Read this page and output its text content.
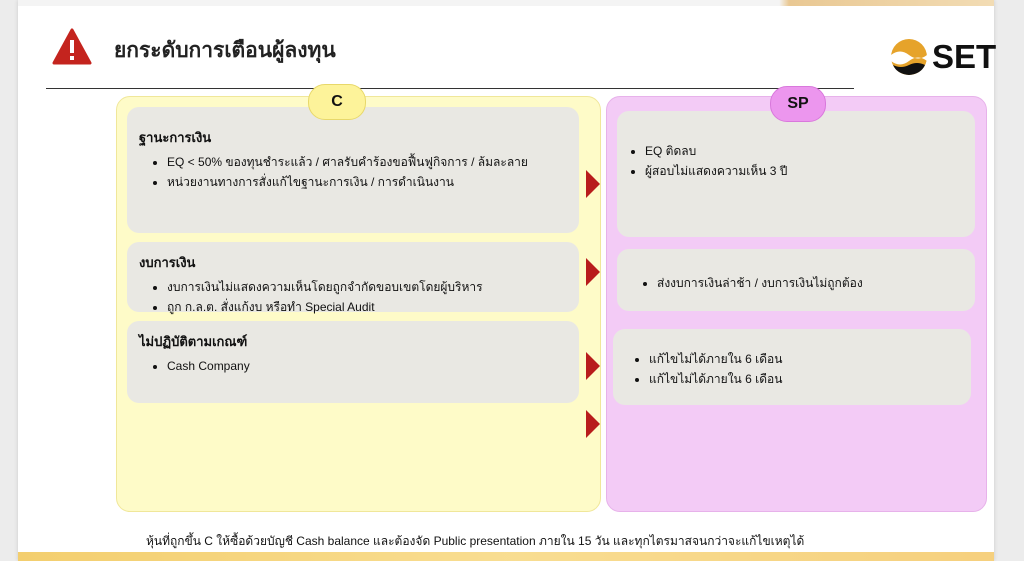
ยกระดับการเตือนผู้ลงทุน	SET
ฐานะการเงิน
• EQ < 50% ของทุนชำระแล้ว / ศาลรับคำร้องขอฟื้นฟูกิจการ / ล้มละลาย
• หน่วยงานทางการสั่งแก้ไขฐานะการเงิน / การดำเนินงาน
งบการเงิน
• งบการเงินไม่แสดงความเห็นโดยถูกจำกัดขอบเขตโดยผู้บริหาร
• ถูก ก.ล.ต. สั่งแก้งบ หรือทำ Special Audit
ไม่ปฏิบัติตามเกณฑ์
• Cash Company
C
• EQ ติดลบ
• ผู้สอบไม่แสดงความเห็น 3 ปี
• ส่งงบการเงินล่าช้า / งบการเงินไม่ถูกต้อง
• แก้ไขไม่ได้ภายใน 6 เดือน
• แก้ไขไม่ได้ภายใน 6 เดือน
SP
หุ้นที่ถูกขึ้น C ให้ซื้อด้วยบัญชี Cash balance และต้องจัด Public presentation ภายใน 15 วัน และทุกไตรมาสจนกว่าจะแก้ไขเหตุได้
